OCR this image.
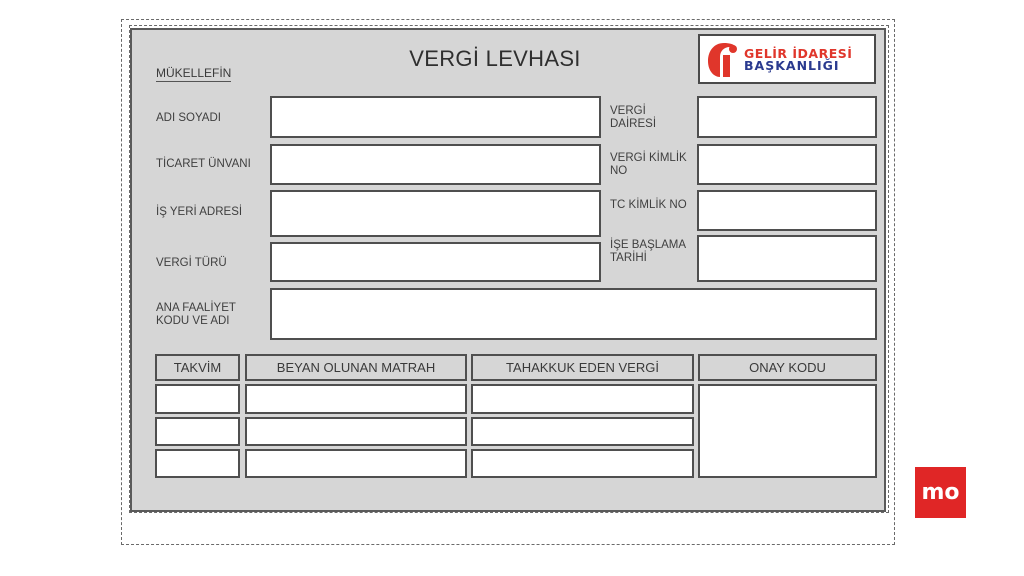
VERGİ LEVHASI
MÜKELLEFİN
GELİR İDARESİ
BAŞKANLIĞI
ADI SOYADI
TİCARET ÜNVANI
İŞ YERİ ADRESİ
VERGİ TÜRÜ
ANA FAALİYET
KODU VE ADI
VERGİ
DAİRESİ
VERGİ KİMLİK
NO
TC KİMLİK NO
İŞE BAŞLAMA
TARİHİ
TAKVİM	BEYAN OLUNAN MATRAH	TAHAKKUK EDEN VERGİ	ONAY KODU
mo
